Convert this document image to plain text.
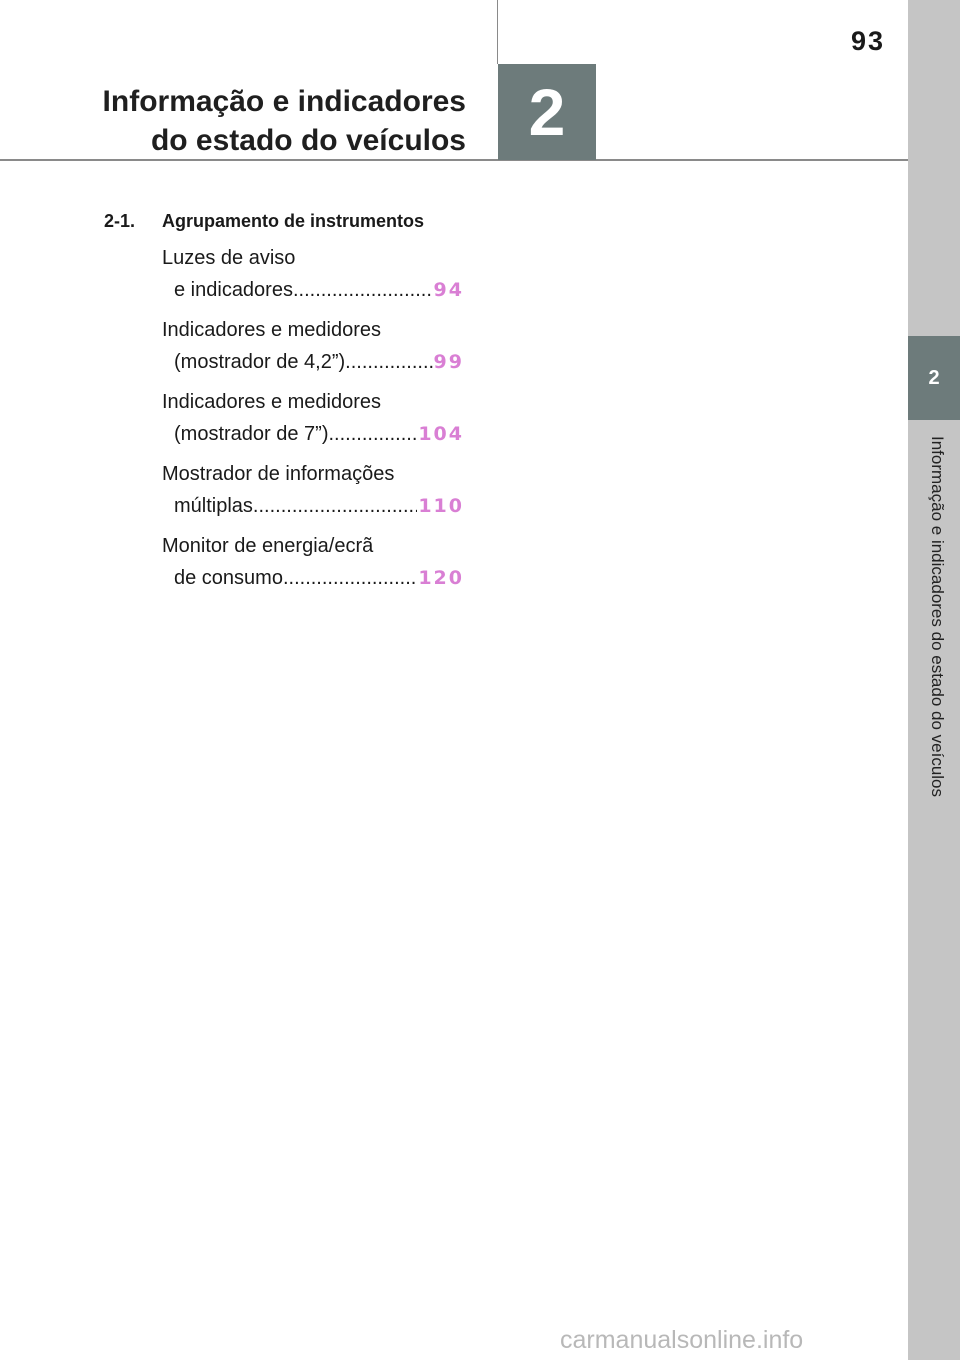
93
Informação e indicadores
do estado do veículos 2
2
Informação e indicadores do estado do veículos
2-1.	Agrupamento de instrumentos
Luzes de aviso
e indicadores .....	94
Indicadores e medidores
(mostrador de 4,2”) .....	99
Indicadores e medidores
(mostrador de 7”) .....	104
Mostrador de informações
múltiplas .....	110
Monitor de energia/ecrã
de consumo .....	120
carmanualsonline.info
